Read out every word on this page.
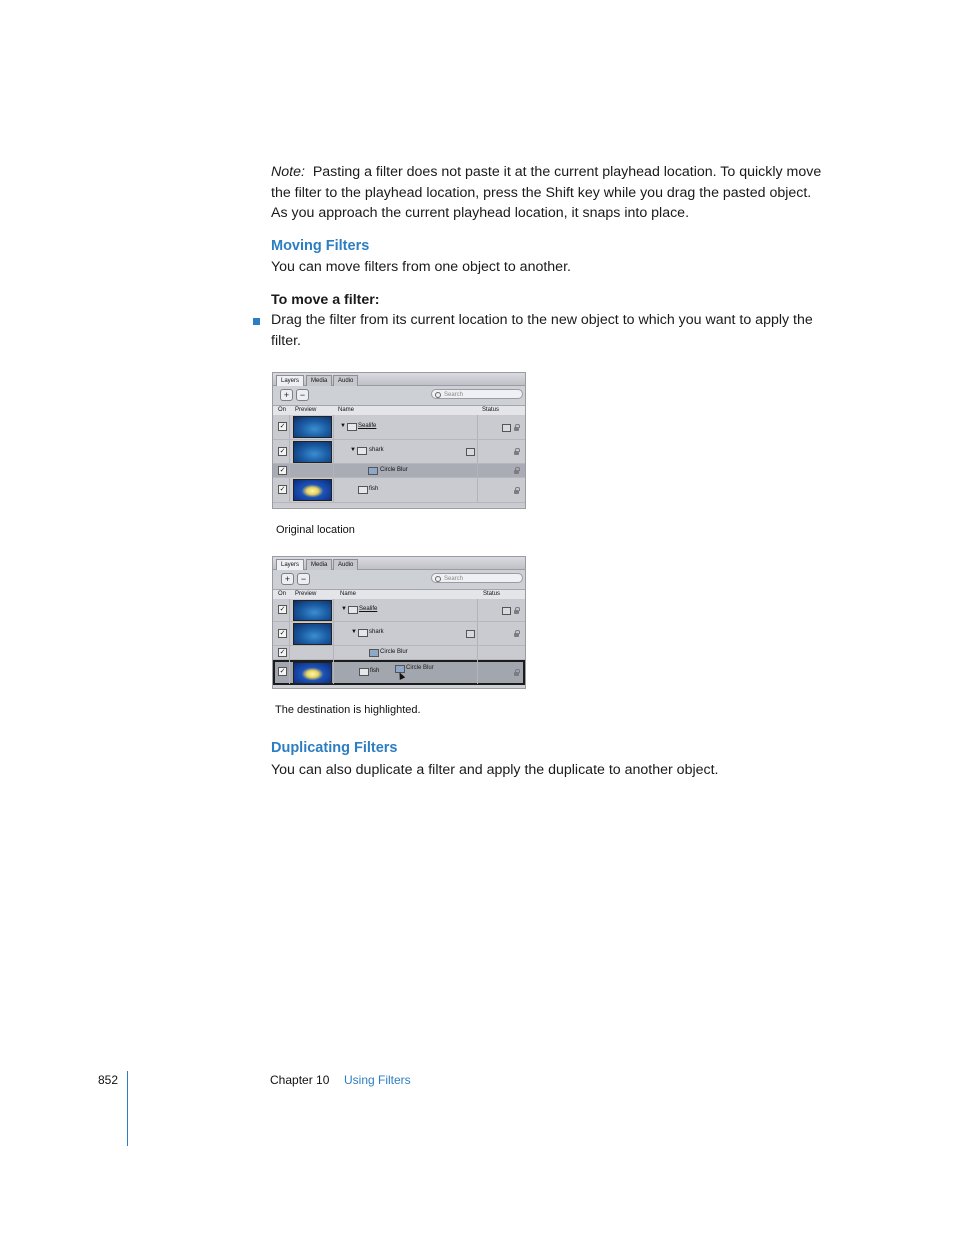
Note: Pasting a filter does not paste it at the current playhead location. To quickly move the filter to the playhead location, press the Shift key while you drag the pasted object. As you approach the current playhead location, it snaps into place.

Moving Filters

You can move filters from one object to another.

To move a filter:

Drag the filter from its current location to the new object to which you want to apply the filter.

Layers	Media	Audio
+	−	Search
On Preview	Name	Status
✓	▼ Sealife
✓	▼ shark
✓	Circle Blur
✓	fish
Original location
Layers	Media	Audio
+	−	Search
On Preview	Name	Status
✓	▼ Sealife
✓	▼ shark
✓	Circle Blur
✓	fish	Circle Blur
The destination is highlighted.
Duplicating Filters

You can also duplicate a filter and apply the duplicate to another object.

852	Chapter 10 Using Filters
